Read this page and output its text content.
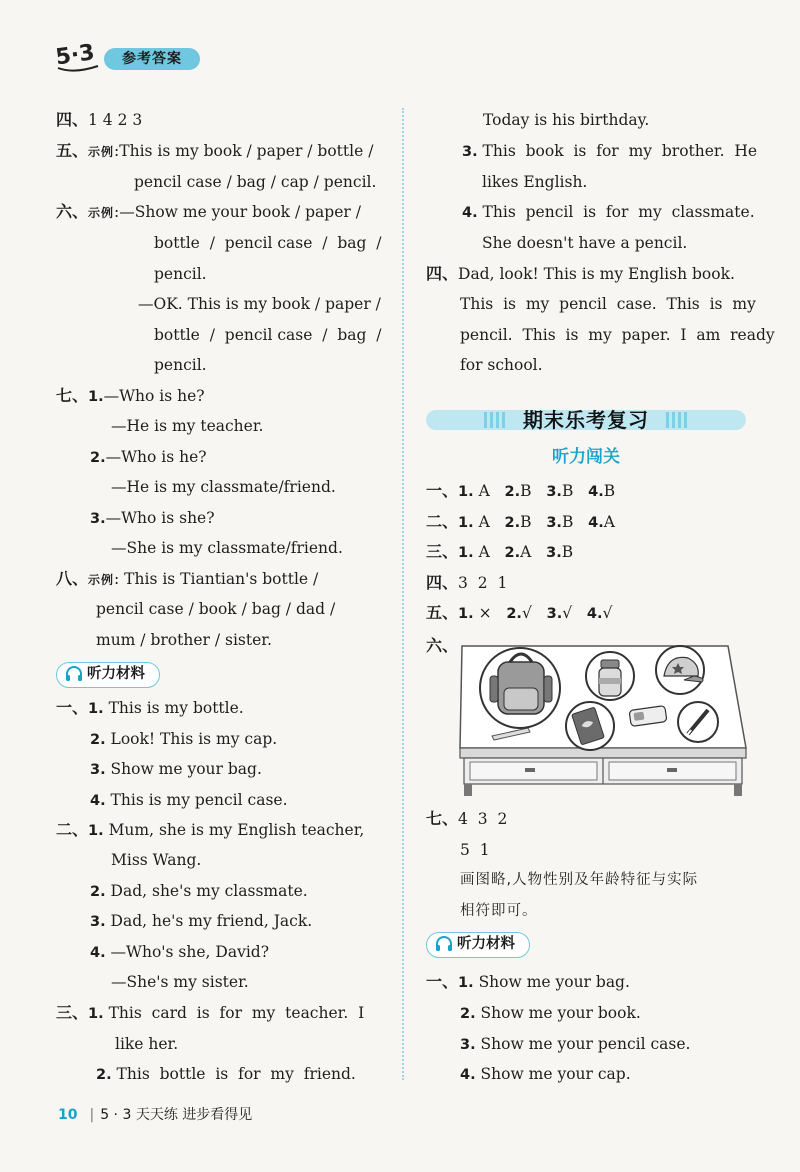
5·3	参考答案
四、1 4 2 3
五、示例:This is my book / paper / bottle /
pencil case / bag / cap / pencil.
六、示例:—Show me your book / paper /
bottle  /  pencil case  /  bag  /
pencil.
—OK. This is my book / paper /
bottle  /  pencil case  /  bag  /
pencil.
七、1.—Who is he?
—He is my teacher.
2.—Who is he?
—He is my classmate/friend.
3.—Who is she?
—She is my classmate/friend.
八、示例: This is Tiantian's bottle /
pencil case / book / bag / dad /
mum / brother / sister.
听力材料
一、1. This is my bottle.
2. Look! This is my cap.
3. Show me your bag.
4. This is my pencil case.
二、1. Mum, she is my English teacher,
Miss Wang.
2. Dad, she's my classmate.
3. Dad, he's my friend, Jack.
4. —Who's she, David?
—She's my sister.
三、1. This  card  is  for  my  teacher.  I
like her.
2. This  bottle  is  for  my  friend.
Today is his birthday.
3. This  book  is  for  my  brother.  He
likes English.
4. This  pencil  is  for  my  classmate.
She doesn't have a pencil.
四、Dad, look! This is my English book.
This  is  my  pencil  case.  This  is  my
pencil.  This  is  my  paper.  I  am  ready
for school.
期末乐考复习
听力闯关
一、1. A 2.B 3.B 4.B
二、1. A 2.B 3.B 4.A
三、1. A 2.A 3.B
四、3  2  1
五、1. × 2.√ 3.√ 4.√
六、
七、4  3  2
5  1
画图略,人物性别及年龄特征与实际
相符即可。
听力材料
一、1. Show me your bag.
2. Show me your book.
3. Show me your pencil case.
4. Show me your cap.
10 | 5 · 3 天天练 进步看得见
